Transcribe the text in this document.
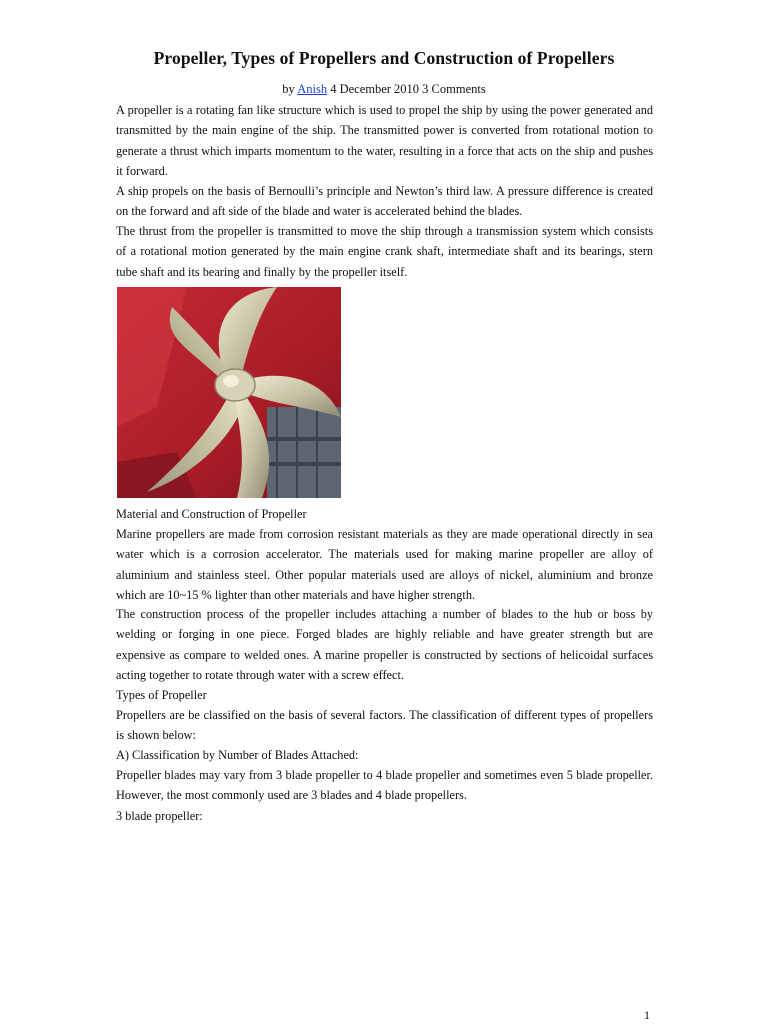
Propeller, Types of Propellers and Construction of Propellers
by Anish 4 December 2010 3 Comments

A propeller is a rotating fan like structure which is used to propel the ship by using the power generated and transmitted by the main engine of the ship. The transmitted power is converted from rotational motion to generate a thrust which imparts momentum to the water, resulting in a force that acts on the ship and pushes it forward.

A ship propels on the basis of Bernoulli’s principle and Newton’s third law. A pressure difference is created on the forward and aft side of the blade and water is accelerated behind the blades.

The thrust from the propeller is transmitted to move the ship through a transmission system which consists of a rotational motion generated by the main engine crank shaft, intermediate shaft and its bearings, stern tube shaft and its bearing and finally by the propeller itself.

Material and Construction of Propeller

Marine propellers are made from corrosion resistant materials as they are made operational directly in sea water which is a corrosion accelerator. The materials used for making marine propeller are alloy of aluminium and stainless steel. Other popular materials used are alloys of nickel, aluminium and bronze which are 10~15 % lighter than other materials and have higher strength.

The construction process of the propeller includes attaching a number of blades to the hub or boss by welding or forging in one piece. Forged blades are highly reliable and have greater strength but are expensive as compare to welded ones. A marine propeller is constructed by sections of helicoidal surfaces acting together to rotate through water with a screw effect.

Types of Propeller

Propellers are be classified on the basis of several factors. The classification of different types of propellers is shown below:

A) Classification by Number of Blades Attached:

Propeller blades may vary from 3 blade propeller to 4 blade propeller and sometimes even 5 blade propeller. However, the most commonly used are 3 blades and 4 blade propellers.

3 blade propeller:

1
